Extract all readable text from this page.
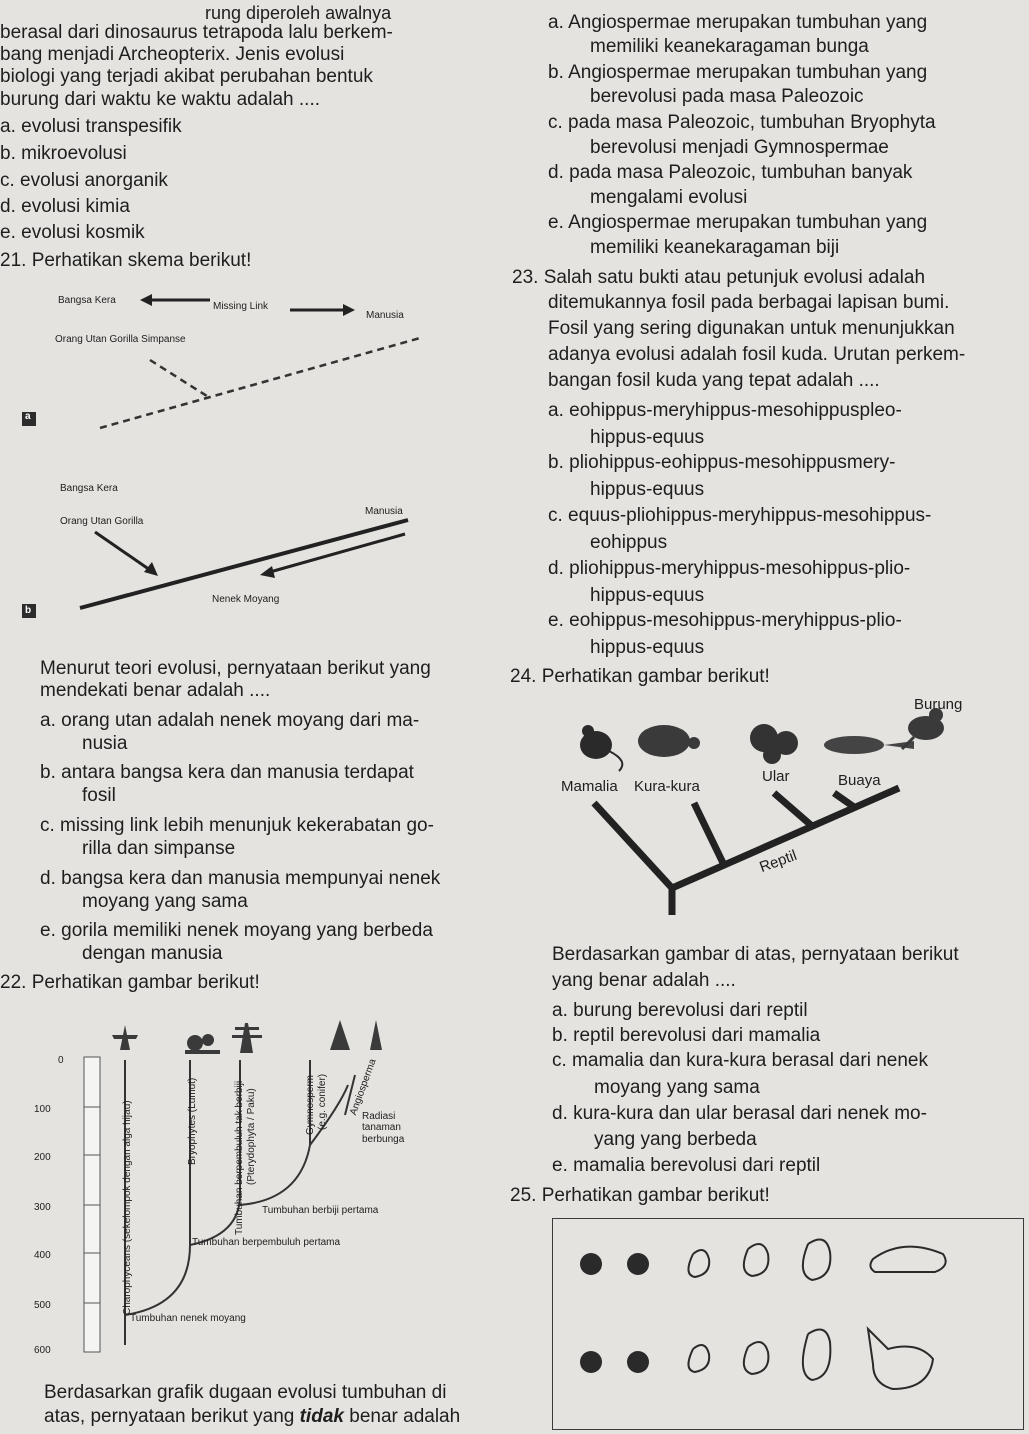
rung diperoleh awalnya
berasal dari dinosaurus tetrapoda lalu berkem-
bang menjadi Archeopterix. Jenis evolusi
biologi yang terjadi akibat perubahan bentuk
burung dari waktu ke waktu adalah ....
a. evolusi transpesifik
b. mikroevolusi
c. evolusi anorganik
d. evolusi kimia
e. evolusi kosmik
21. Perhatikan skema berikut!
Bangsa Kera
Missing Link
Manusia
Orang Utan Gorilla Simpanse
a
Bangsa Kera
Orang Utan Gorilla
Manusia
Nenek Moyang
b
Menurut teori evolusi, pernyataan berikut yang
mendekati benar adalah ....
a. orang utan adalah nenek moyang dari ma-
nusia
b. antara bangsa kera dan manusia terdapat
fosil
c. missing link lebih menunjuk kekerabatan go-
rilla dan simpanse
d. bangsa kera dan manusia mempunyai nenek
moyang yang sama
e. gorila memiliki nenek moyang yang berbeda
dengan manusia
22. Perhatikan gambar berikut!
0
100
200
300
400
500
600
Charophyceans (sekelompok dengan alga hijau)	Bryophytes (Lumut)	Tumbuhan berpembuluh tak berbiji (Pterydophyta / Paku)	Gymnosperm (e.g. conifer) Angiosperma
Radiasi
tanaman
berbunga
Tumbuhan berbiji pertama
Tumbuhan berpembuluh pertama
Tumbuhan nenek moyang
Berdasarkan grafik dugaan evolusi tumbuhan di
atas, pernyataan berikut yang tidak benar adalah
a. Angiospermae merupakan tumbuhan yang
memiliki keanekaragaman bunga
b. Angiospermae merupakan tumbuhan yang
berevolusi pada masa Paleozoic
c. pada masa Paleozoic, tumbuhan Bryophyta
berevolusi menjadi Gymnospermae
d. pada masa Paleozoic, tumbuhan banyak
mengalami evolusi
e. Angiospermae merupakan tumbuhan yang
memiliki keanekaragaman biji
23. Salah satu bukti atau petunjuk evolusi adalah
ditemukannya fosil pada berbagai lapisan bumi.
Fosil yang sering digunakan untuk menunjukkan
adanya evolusi adalah fosil kuda. Urutan perkem-
bangan fosil kuda yang tepat adalah ....
a. eohippus-meryhippus-mesohippuspleo-
hippus-equus
b. pliohippus-eohippus-mesohippusmery-
hippus-equus
c. equus-pliohippus-meryhippus-mesohippus-
eohippus
d. pliohippus-meryhippus-mesohippus-plio-
hippus-equus
e. eohippus-mesohippus-meryhippus-plio-
hippus-equus
24. Perhatikan gambar berikut!
Burung
Mamalia Kura-kura
Ular	Buaya
Reptil
Berdasarkan gambar di atas, pernyataan berikut
yang benar adalah ....
a. burung berevolusi dari reptil
b. reptil berevolusi dari mamalia
c. mamalia dan kura-kura berasal dari nenek
moyang yang sama
d. kura-kura dan ular berasal dari nenek mo-
yang yang berbeda
e. mamalia berevolusi dari reptil
25. Perhatikan gambar berikut!
